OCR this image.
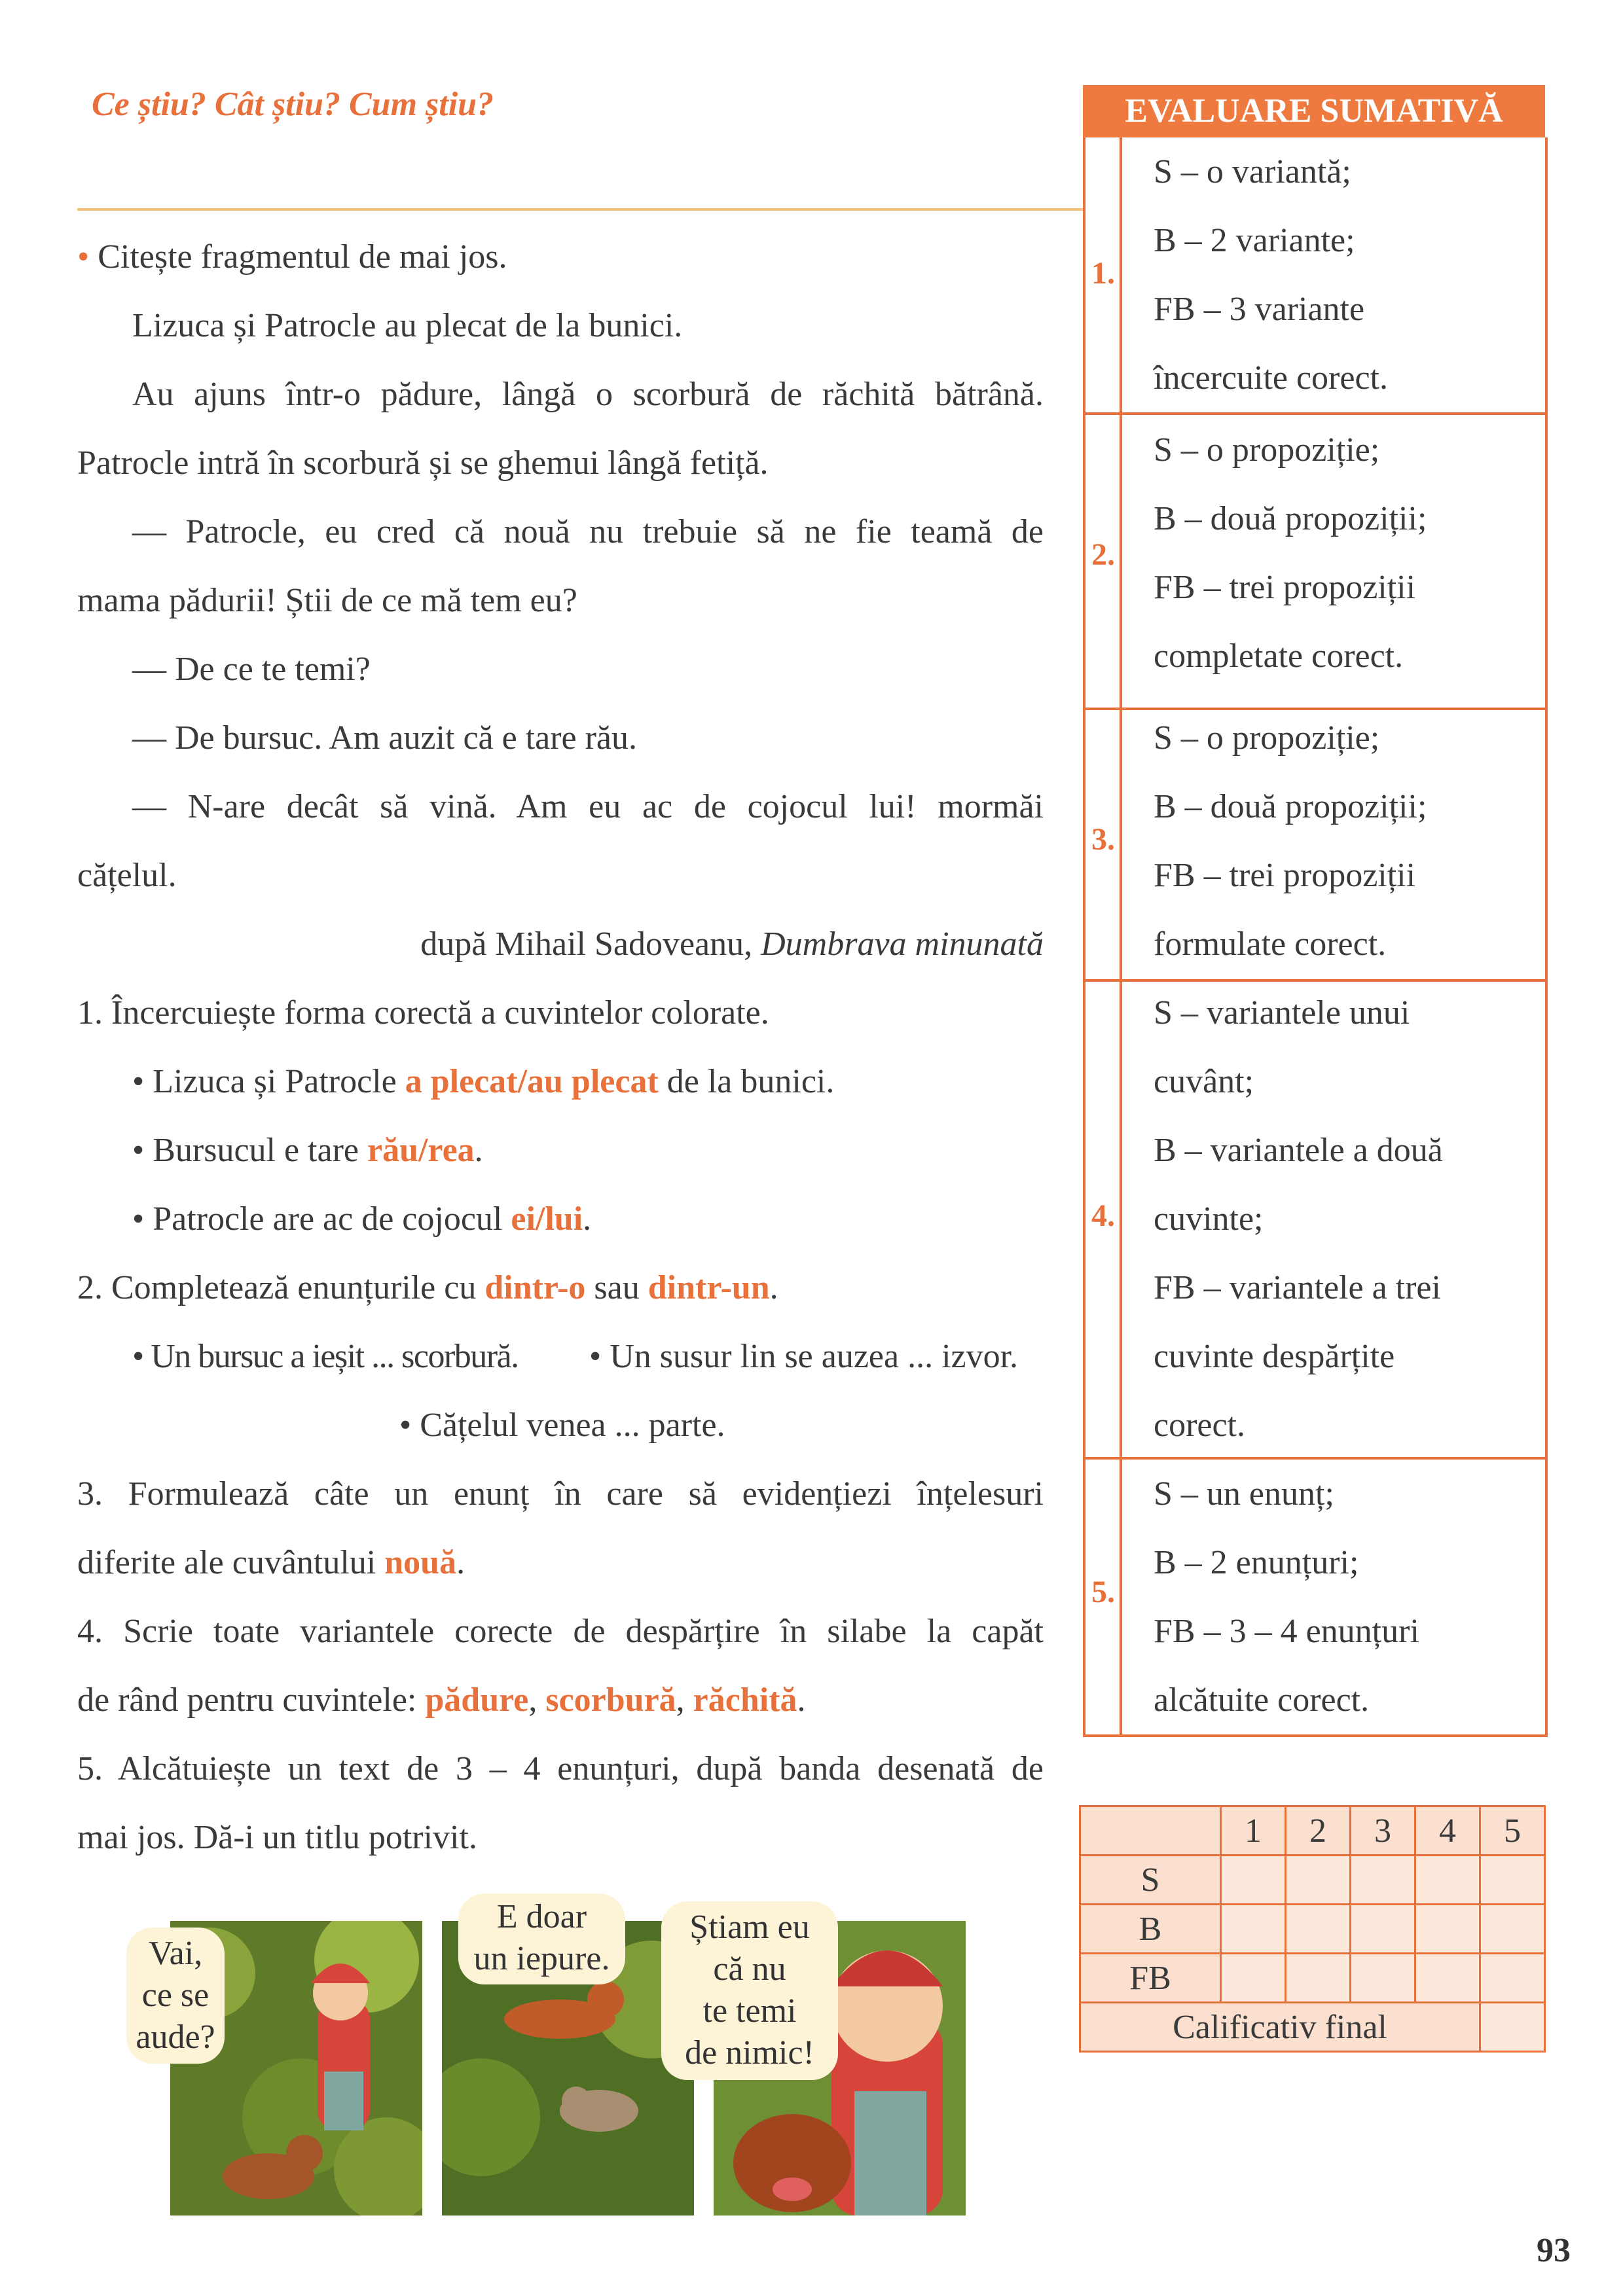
Ce știu? Cât știu? Cum știu?
• Citește fragmentul de mai jos.
Lizuca și Patrocle au plecat de la bunici.
Au ajuns într-o pădure, lângă o scorbură de răchită bătrână.
Patrocle intră în scorbură și se ghemui lângă fetiță.
— Patrocle, eu cred că nouă nu trebuie să ne fie teamă de
mama pădurii! Știi de ce mă tem eu?
— De ce te temi?
— De bursuc. Am auzit că e tare rău.
— N-are decât să vină. Am eu ac de cojocul lui! mormăi
cățelul.
după Mihail Sadoveanu, Dumbrava minunată
1. Încercuiește forma corectă a cuvintelor colorate.
• Lizuca și Patrocle a plecat/au plecat de la bunici.
• Bursucul e tare rău/rea.
• Patrocle are ac de cojocul ei/lui.
2. Completează enunțurile cu dintr-o sau dintr-un.
• Un bursuc a ieșit ... scorbură. • Un susur lin se auzea ... izvor.
• Cățelul venea ... parte.
3. Formulează câte un enunț în care să evidențiezi înțelesuri
diferite ale cuvântului nouă.
4. Scrie toate variantele corecte de despărțire în silabe la capăt
de rând pentru cuvintele: pădure, scorbură, răchită.
5. Alcătuiește un text de 3 – 4 enunțuri, după banda desenată de
mai jos. Dă-i un titlu potrivit.
Vai,
ce se
aude?
E doar
un iepure.
Știam eu
că nu
te temi
de nimic!
EVALUARE SUMATIVĂ
1.
S – o variantă;
B – 2 variante;
FB – 3 variante
încercuite corect.
2.
S – o propoziție;
B – două propoziții;
FB – trei propoziții
completate corect.
3.
S – o propoziție;
B – două propoziții;
FB – trei propoziții
formulate corect.
4.
S – variantele unui
cuvânt;
B – variantele a două
cuvinte;
FB – variantele a trei
cuvinte despărțite
corect.
5.
S – un enunț;
B – 2 enunțuri;
FB – 3 – 4 enunțuri
alcătuite corect.
	1	2	3	4	5
S					
B					
FB					
Calificativ final					
93
